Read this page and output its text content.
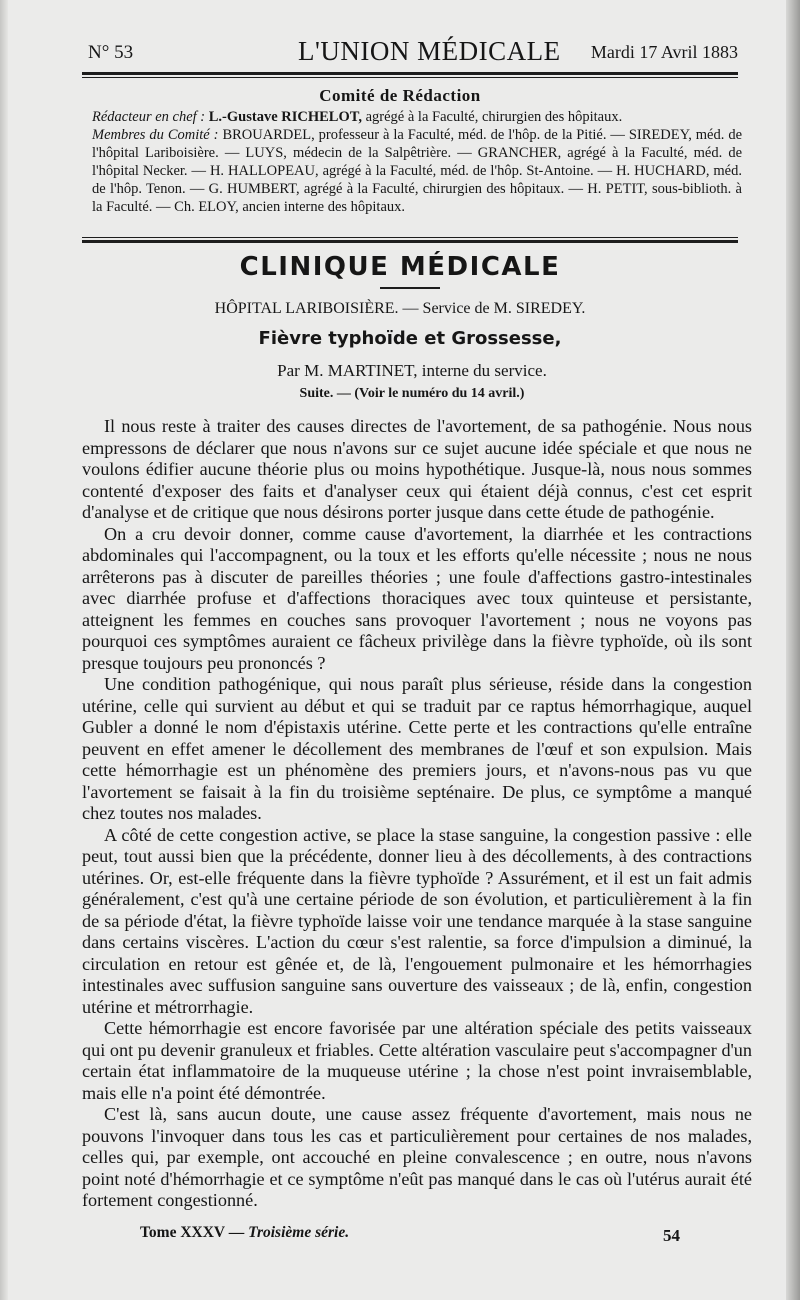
N° 53	L'UNION MÉDICALE Mardi 17 Avril 1883
Comité de Rédaction

Rédacteur en chef : L.-Gustave RICHELOT, agrégé à la Faculté, chirurgien des hôpitaux.

Membres du Comité : BROUARDEL, professeur à la Faculté, méd. de l'hôp. de la Pitié. — SIREDEY, méd. de l'hôpital Lariboisière. — LUYS, médecin de la Salpêtrière. — GRANCHER, agrégé à la Faculté, méd. de l'hôpital Necker. — H. HALLOPEAU, agrégé à la Faculté, méd. de l'hôp. St-Antoine. — H. HUCHARD, méd. de l'hôp. Tenon. — G. HUMBERT, agrégé à la Faculté, chirurgien des hôpitaux. — H. PETIT, sous-biblioth. à la Faculté. — Ch. ELOY, ancien interne des hôpitaux.

CLINIQUE MÉDICALE
HÔPITAL LARIBOISIÈRE. — Service de M. SIREDEY.
Fièvre typhoïde et Grossesse,
Par M. MARTINET, interne du service.
Suite. — (Voir le numéro du 14 avril.)

Il nous reste à traiter des causes directes de l'avortement, de sa pathogénie. Nous nous empressons de déclarer que nous n'avons sur ce sujet aucune idée spéciale et que nous ne voulons édifier aucune théorie plus ou moins hypothétique. Jusque-là, nous nous sommes contenté d'exposer des faits et d'analyser ceux qui étaient déjà connus, c'est cet esprit d'analyse et de critique que nous désirons porter jusque dans cette étude de pathogénie.

On a cru devoir donner, comme cause d'avortement, la diarrhée et les contractions abdominales qui l'accompagnent, ou la toux et les efforts qu'elle nécessite ; nous ne nous arrêterons pas à discuter de pareilles théories ; une foule d'affections gastro-intestinales avec diarrhée profuse et d'affections thoraciques avec toux quinteuse et persistante, atteignent les femmes en couches sans provoquer l'avortement ; nous ne voyons pas pourquoi ces symptômes auraient ce fâcheux privilège dans la fièvre typhoïde, où ils sont presque toujours peu prononcés ?

Une condition pathogénique, qui nous paraît plus sérieuse, réside dans la congestion utérine, celle qui survient au début et qui se traduit par ce raptus hémorrhagique, auquel Gubler a donné le nom d'épistaxis utérine. Cette perte et les contractions qu'elle entraîne peuvent en effet amener le décollement des membranes de l'œuf et son expulsion. Mais cette hémorrhagie est un phénomène des premiers jours, et n'avons-nous pas vu que l'avortement se faisait à la fin du troisième septénaire. De plus, ce symptôme a manqué chez toutes nos malades.

A côté de cette congestion active, se place la stase sanguine, la congestion passive : elle peut, tout aussi bien que la précédente, donner lieu à des décollements, à des contractions utérines. Or, est-elle fréquente dans la fièvre typhoïde ? Assurément, et il est un fait admis généralement, c'est qu'à une certaine période de son évolution, et particulièrement à la fin de sa période d'état, la fièvre typhoïde laisse voir une tendance marquée à la stase sanguine dans certains viscères. L'action du cœur s'est ralentie, sa force d'impulsion a diminué, la circulation en retour est gênée et, de là, l'engouement pulmonaire et les hémorrhagies intestinales avec suffusion sanguine sans ouverture des vaisseaux ; de là, enfin, congestion utérine et métrorrhagie.

Cette hémorrhagie est encore favorisée par une altération spéciale des petits vaisseaux qui ont pu devenir granuleux et friables. Cette altération vasculaire peut s'accompagner d'un certain état inflammatoire de la muqueuse utérine ; la chose n'est point invraisemblable, mais elle n'a point été démontrée.

C'est là, sans aucun doute, une cause assez fréquente d'avortement, mais nous ne pouvons l'invoquer dans tous les cas et particulièrement pour certaines de nos malades, celles qui, par exemple, ont accouché en pleine convalescence ; en outre, nous n'avons point noté d'hémorrhagie et ce symptôme n'eût pas manqué dans le cas où l'utérus aurait été fortement congestionné.

Tome XXXV — Troisième série.	54
